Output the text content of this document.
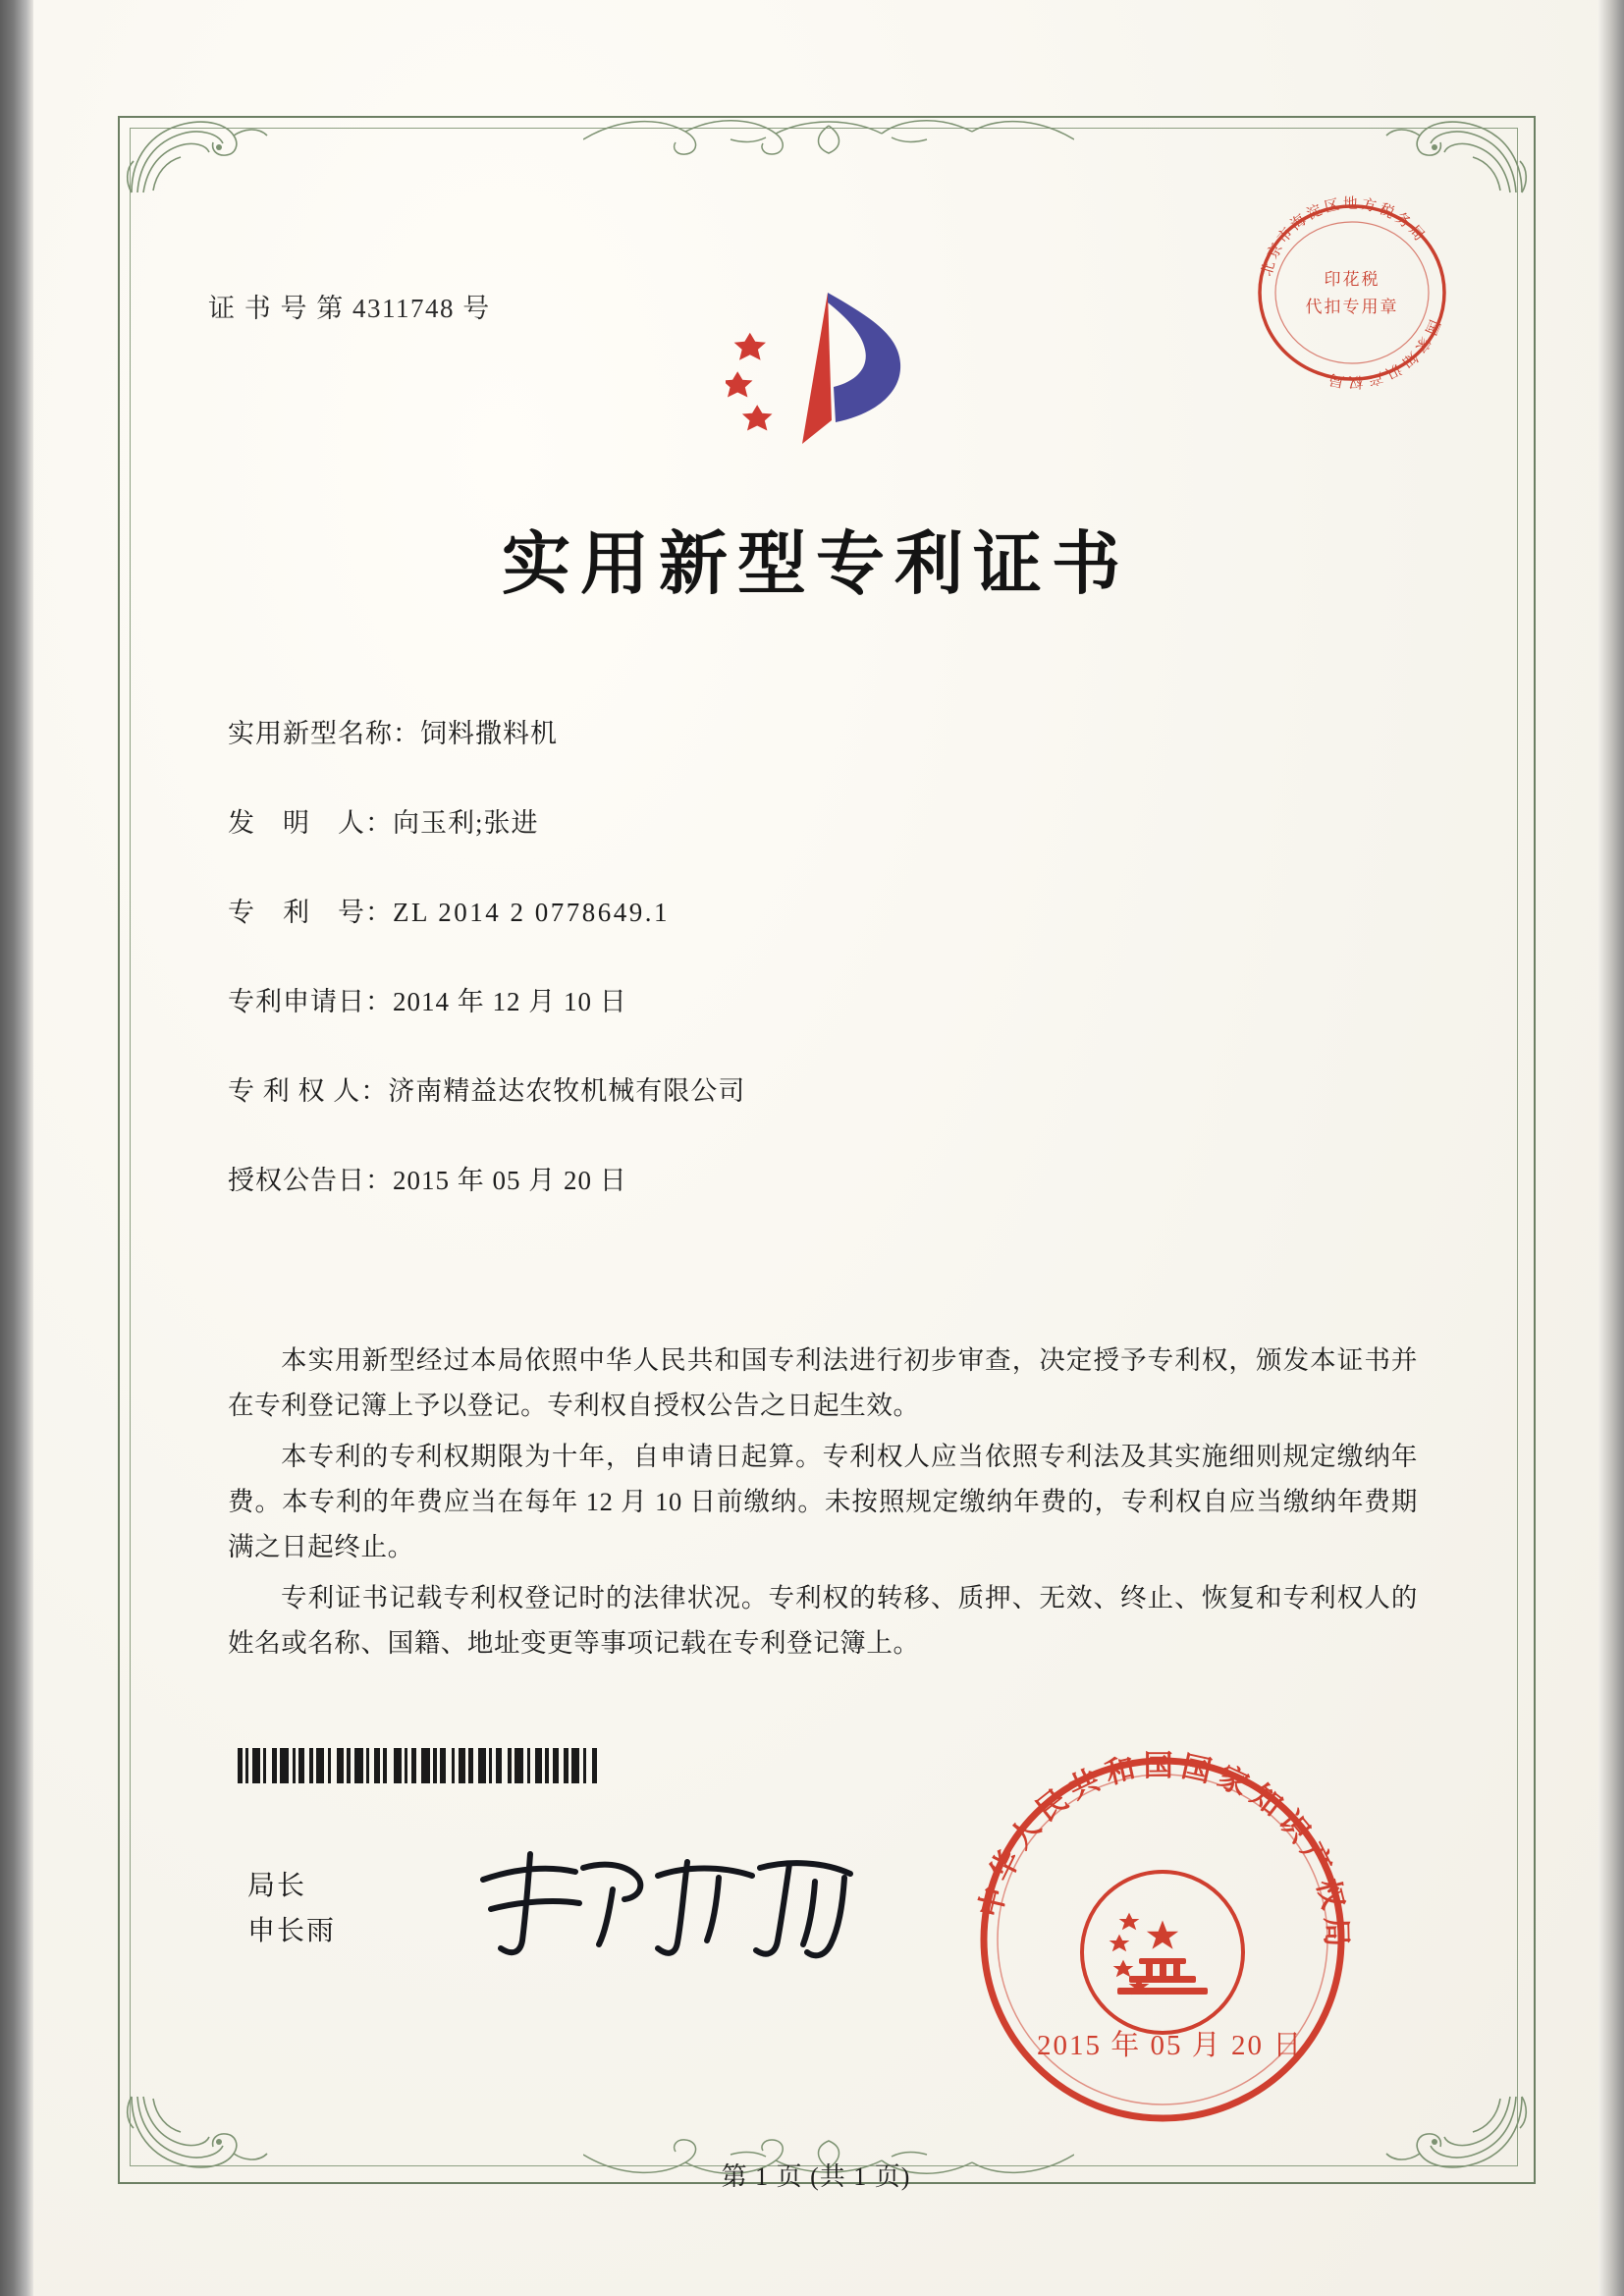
证 书 号 第 4311748 号
北京市海淀区地方税务局
国家知识产权局
印花税
代扣专用章
实用新型专利证书
实用新型名称： 饲料撒料机
发　明　人： 向玉利;张进
专　利　号： ZL 2014 2 0778649.1
专利申请日： 2014 年 12 月 10 日
专 利 权 人： 济南精益达农牧机械有限公司
授权公告日： 2015 年 05 月 20 日

本实用新型经过本局依照中华人民共和国专利法进行初步审查，决定授予专利权，颁发本证书并在专利登记簿上予以登记。专利权自授权公告之日起生效。

本专利的专利权期限为十年，自申请日起算。专利权人应当依照专利法及其实施细则规定缴纳年费。本专利的年费应当在每年 12 月 10 日前缴纳。未按照规定缴纳年费的，专利权自应当缴纳年费期满之日起终止。

专利证书记载专利权登记时的法律状况。专利权的转移、质押、无效、终止、恢复和专利权人的姓名或名称、国籍、地址变更等事项记载在专利登记簿上。

局长
申长雨
中华人民共和国国家知识产权局
2015 年 05 月 20 日
第 1 页 (共 1 页)
